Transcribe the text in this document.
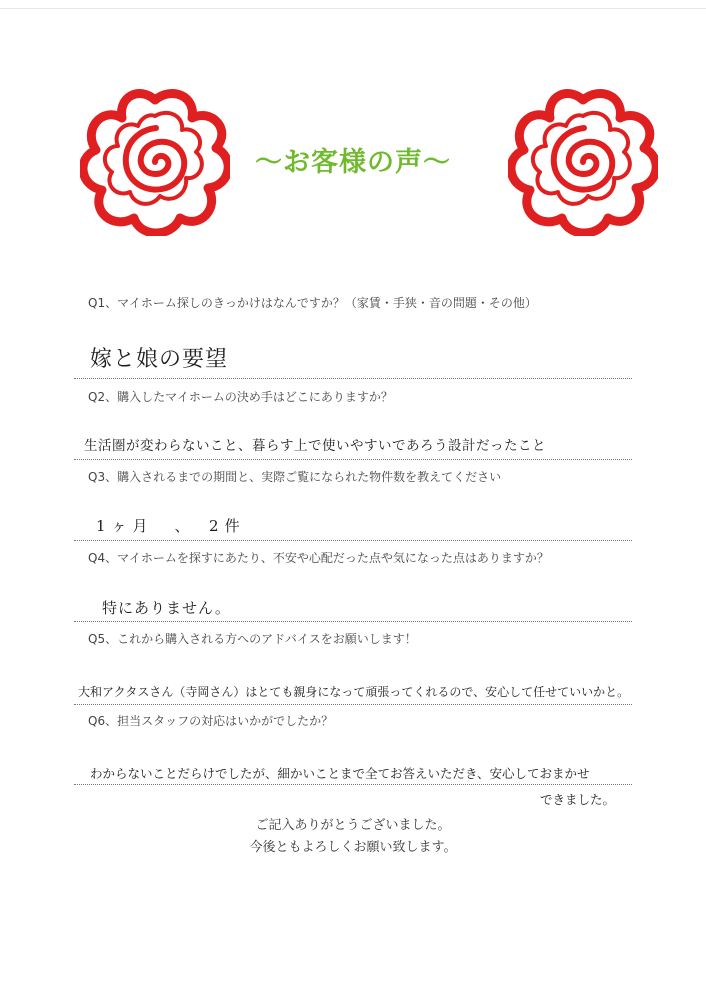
～お客様の声～
Q1、マイホーム探しのきっかけはなんですか？（家賃・手狭・音の問題・その他）
嫁と娘の要望
Q2、購入したマイホームの決め手はどこにありますか？
生活圏が変わらないこと、暮らす上で使いやすいであろう設計だったこと
Q3、購入されるまでの期間と、実際ご覧になられた物件数を教えてください
1ヶ月　、　2件
Q4、マイホームを探すにあたり、不安や心配だった点や気になった点はありますか？
特にありません。
Q5、これから購入される方へのアドバイスをお願いします！
大和アクタスさん（寺岡さん）はとても親身になって頑張ってくれるので、安心して任せていいかと。
Q6、担当スタッフの対応はいかがでしたか？
わからないことだらけでしたが、細かいことまで全てお答えいただき、安心しておまかせ
できました。
ご記入ありがとうございました。
今後ともよろしくお願い致します。
